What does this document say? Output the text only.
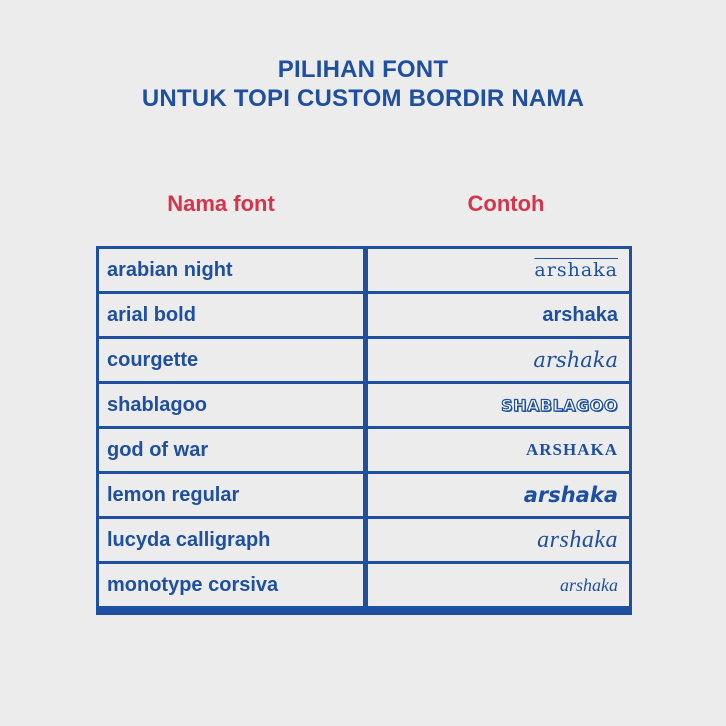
PILIHAN FONT
UNTUK TOPI CUSTOM BORDIR NAMA
Nama font	Contoh
arabian night	arshaka
arial bold	arshaka
courgette	arshaka
shablagoo	SHABLAGOO
god of war	ARSHAKA
lemon regular	arshaka
lucyda calligraph	arshaka
monotype corsiva	arshaka
